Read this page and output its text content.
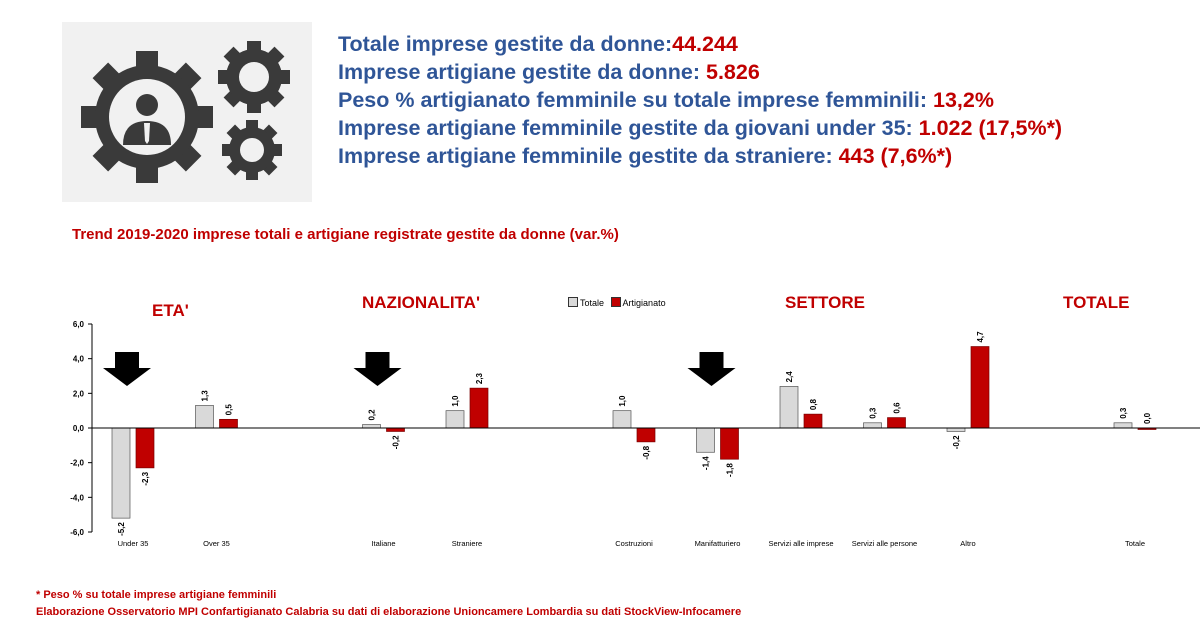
Totale imprese gestite da donne:44.244
Imprese artigiane gestite da donne: 5.826
Peso % artigianato femminile su totale imprese femminili: 13,2%
Imprese artigiane femminile gestite da giovani under 35: 1.022 (17,5%*)
Imprese artigiane femminile gestite da straniere: 443 (7,6%*)
Trend 2019-2020 imprese totali e artigiane registrate gestite da donne (var.%)
ETA'	NAZIONALITA'	SETTORE	TOTALE
Totale Artigianato
6,0
4,0
2,0
0,0
-2,0
-4,0
-6,0	-5,2
-2,3
Under 35
1,3
0,5
Over 35
0,2
-0,2
Italiane
1,0
2,3
Straniere
1,0
-0,8
Costruzioni
-1,4
-1,8
Manifatturiero
2,4
0,8
Servizi alle imprese
0,3 0,6
Servizi alle persone
-0,2
4,7
Altro
0,3 0,0
Totale
* Peso % su totale imprese artigiane femminili
Elaborazione Osservatorio MPI Confartigianato Calabria su dati di elaborazione Unioncamere Lombardia su dati StockView-Infocamere
